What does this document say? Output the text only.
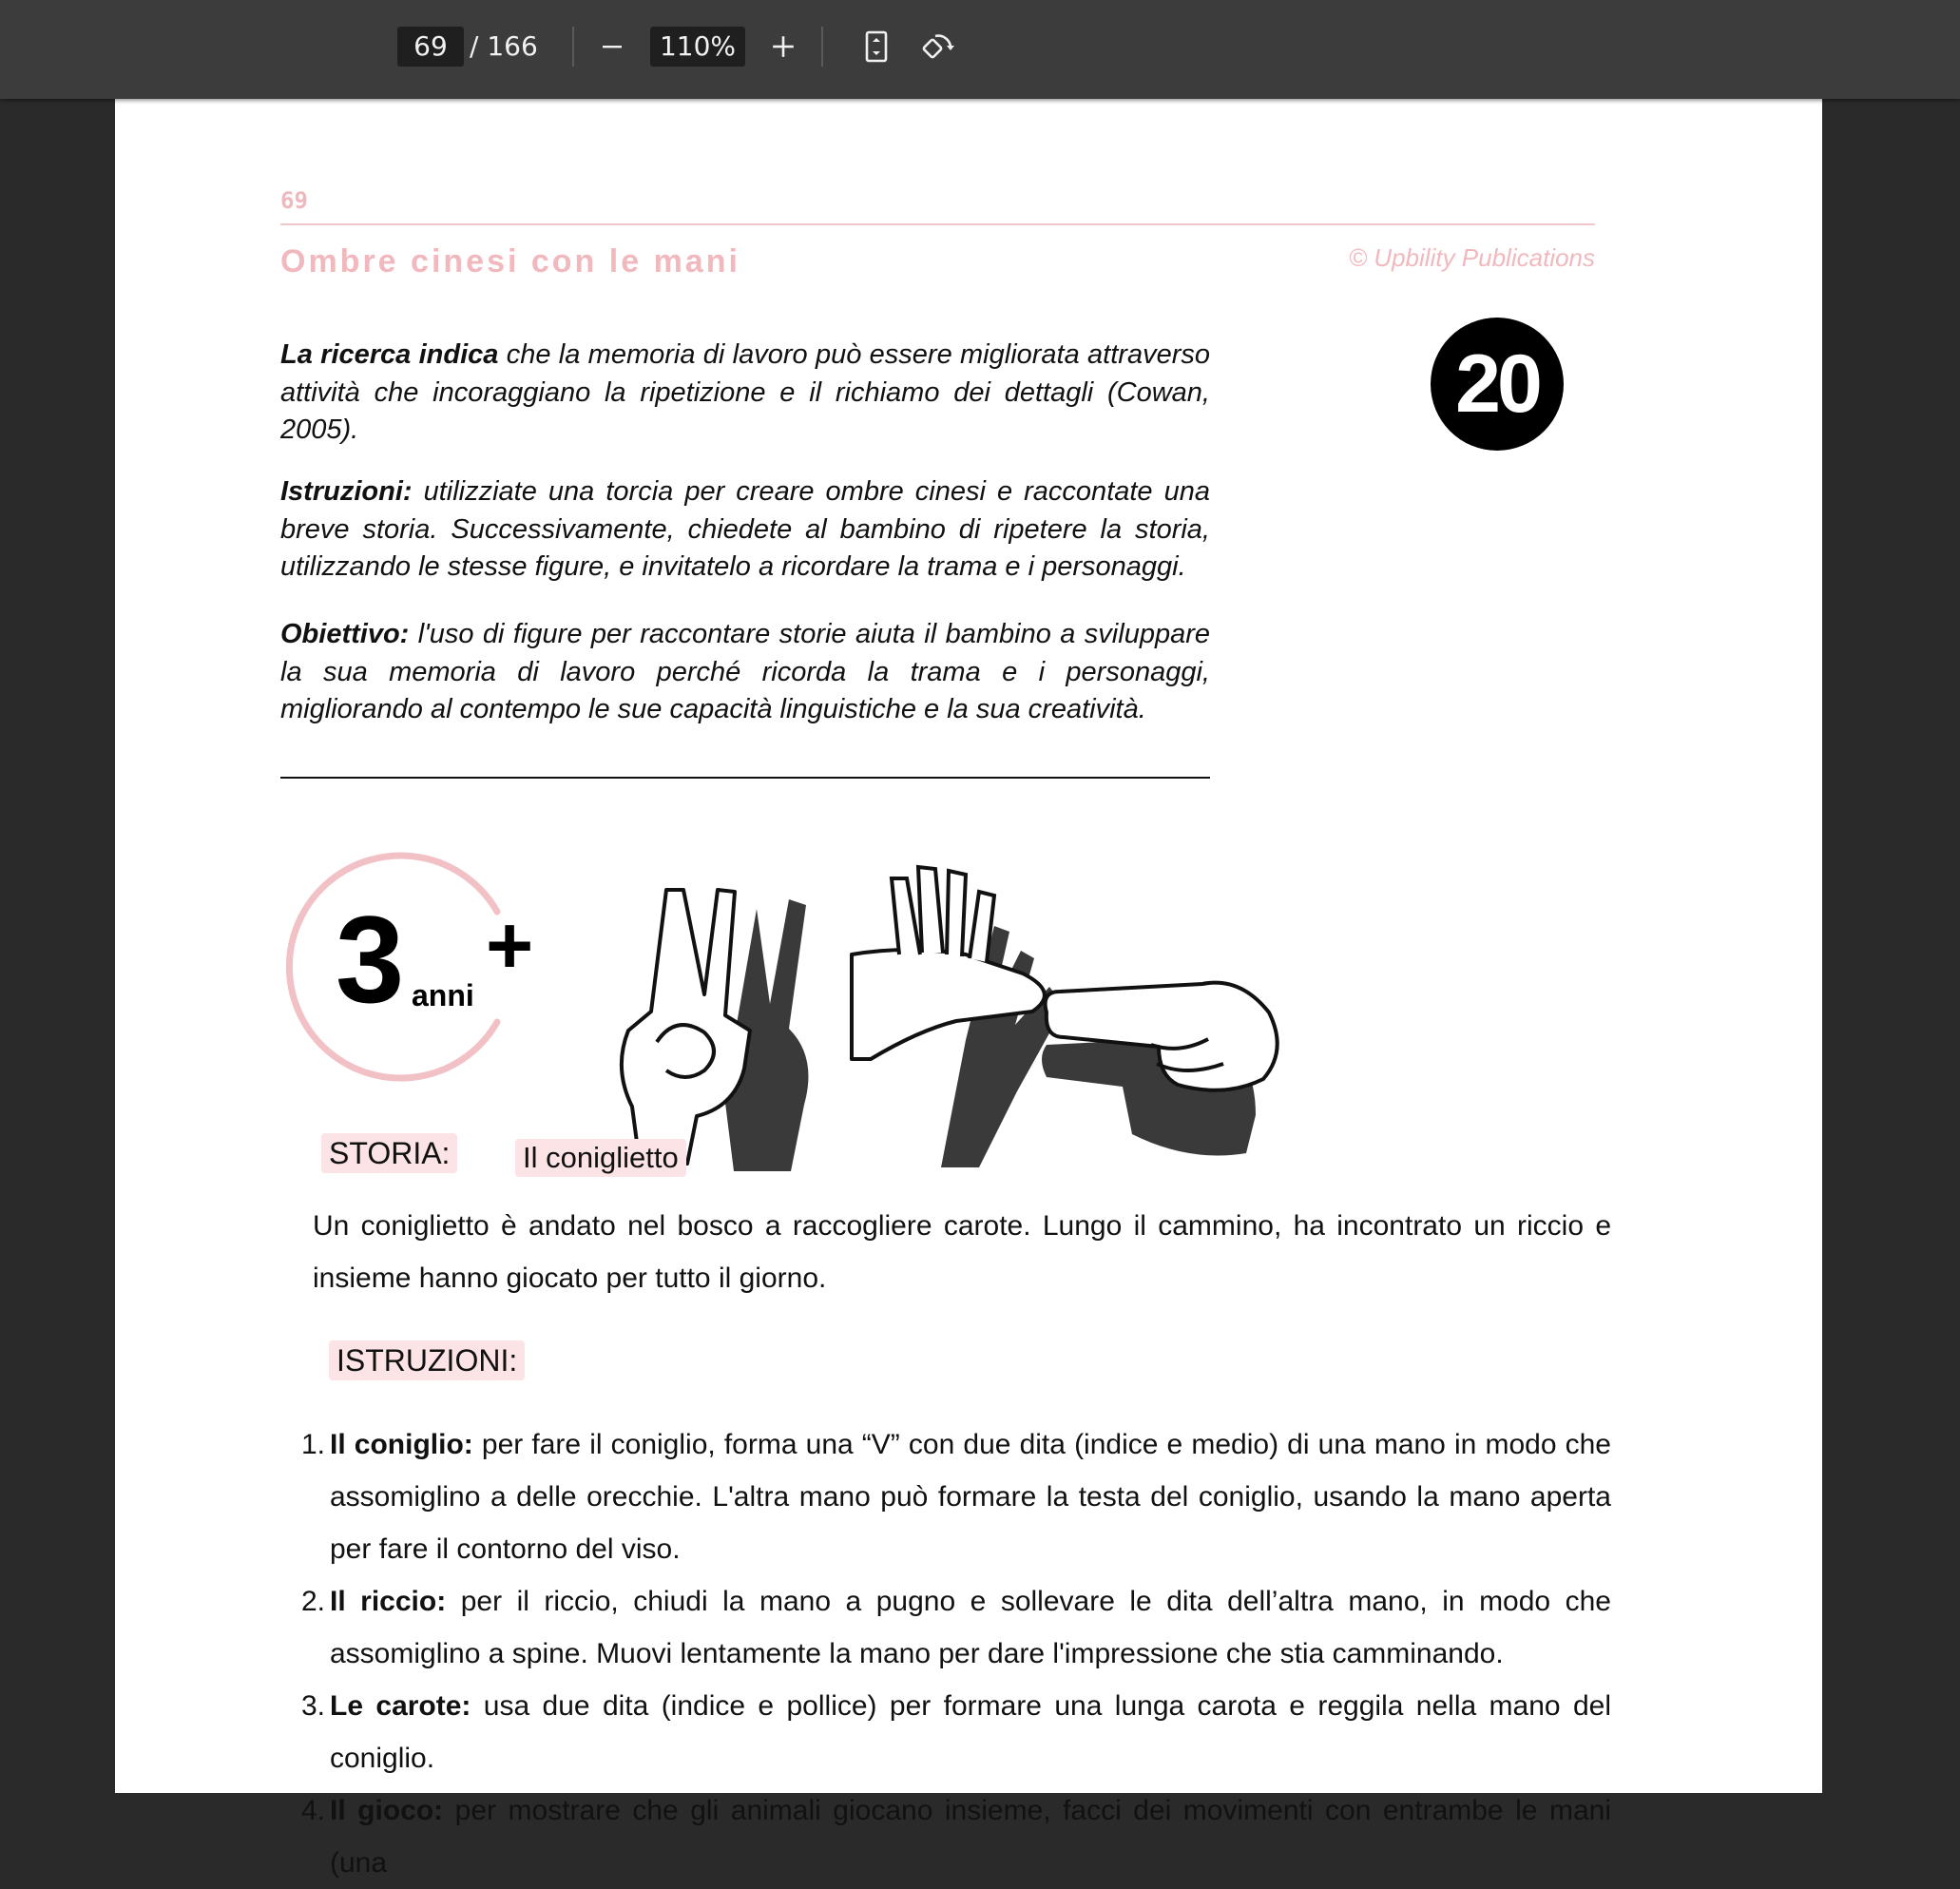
69 / 166	110%
69
Ombre cinesi con le mani	© Upbility Publications
20
La ricerca indica che la memoria di lavoro può essere migliorata attraverso attività che incoraggiano la ripetizione e il richiamo dei dettagli (Cowan, 2005).
Istruzioni: utilizziate una torcia per creare ombre cinesi e raccontate una breve storia. Successivamente, chiedete al bambino di ripetere la storia, utilizzando le stesse figure, e invitatelo a ricordare la trama e i personaggi.
Obiettivo: l'uso di figure per raccontare storie aiuta il bambino a sviluppare la sua memoria di lavoro perché ricorda la trama e i personaggi, migliorando al contempo le sue capacità linguistiche e la sua creatività.
3 anni
+
STORIA: Il coniglietto
Un coniglietto è andato nel bosco a raccogliere carote. Lungo il cammino, ha incontrato un riccio e insieme hanno giocato per tutto il giorno.
ISTRUZIONI:
1. Il coniglio: per fare il coniglio, forma una “V” con due dita (indice e medio) di una mano in modo che assomiglino a delle orecchie. L'altra mano può formare la testa del coniglio, usando la mano aperta per fare il contorno del viso.
2. Il riccio: per il riccio, chiudi la mano a pugno e sollevare le dita dell’altra mano, in modo che assomiglino a spine. Muovi lentamente la mano per dare l'impressione che stia camminando.
3. Le carote: usa due dita (indice e pollice) per formare una lunga carota e reggila nella mano del coniglio.
4. Il gioco: per mostrare che gli animali giocano insieme, facci dei movimenti con entrambe le mani (una
